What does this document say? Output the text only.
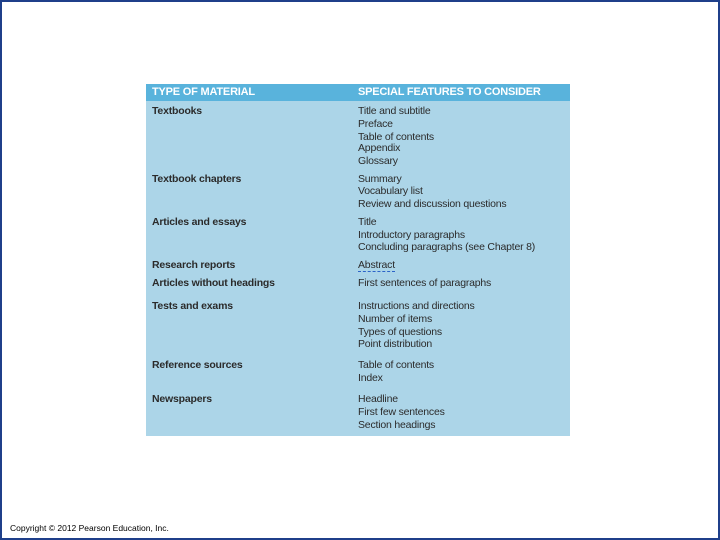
TYPE OF MATERIAL	SPECIAL FEATURES TO CONSIDER
Textbooks	Title and subtitle
Preface
Table of contents
Appendix
Glossary
Textbook chapters	Summary
Vocabulary list
Review and discussion questions
Articles and essays	Title
Introductory paragraphs
Concluding paragraphs (see Chapter 8)
Research reports	Abstract
Articles without headings	First sentences of paragraphs
Tests and exams	Instructions and directions
Number of items
Types of questions
Point distribution
Reference sources	Table of contents
Index
Newspapers	Headline
First few sentences
Section headings
Copyright © 2012 Pearson Education, Inc.
